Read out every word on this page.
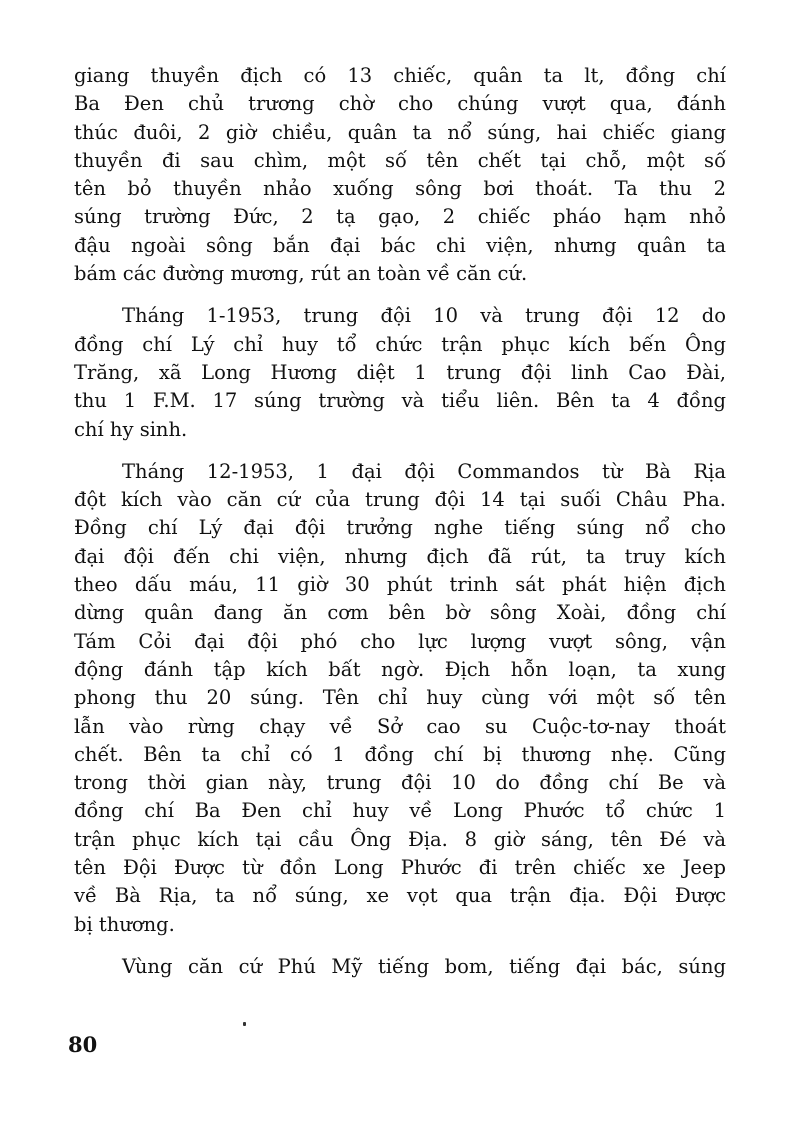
giang thuyền địch có 13 chiếc, quân ta lt, đồng chí
Ba Đen chủ trương chờ cho chúng vượt qua, đánh
thúc đuôi, 2 giờ chiều, quân ta nổ súng, hai chiếc giang
thuyền đi sau chìm, một số tên chết tại chỗ, một số
tên bỏ thuyền nhảo xuống sông bơi thoát. Ta thu 2
súng trường Đức, 2 tạ gạo, 2 chiếc pháo hạm nhỏ
đậu ngoài sông bắn đại bác chi viện, nhưng quân ta
bám các đường mương, rút an toàn về căn cứ.
Tháng 1-1953, trung đội 10 và trung đội 12 do
đồng chí Lý chỉ huy tổ chức trận phục kích bến Ông
Trăng, xã Long Hương diệt 1 trung đội linh Cao Đài,
thu 1 F.M. 17 súng trường và tiểu liên. Bên ta 4 đồng
chí hy sinh.
Tháng 12-1953, 1 đại đội Commandos từ Bà Rịa
đột kích vào căn cứ của trung đội 14 tại suối Châu Pha.
Đồng chí Lý đại đội trưởng nghe tiếng súng nổ cho
đại đội đến chi viện, nhưng địch đã rút, ta truy kích
theo dấu máu, 11 giờ 30 phút trinh sát phát hiện địch
dừng quân đang ăn cơm bên bờ sông Xoài, đồng chí
Tám Cỏi đại đội phó cho lực lượng vượt sông, vận
động đánh tập kích bất ngờ. Địch hỗn loạn, ta xung
phong thu 20 súng. Tên chỉ huy cùng với một số tên
lẫn vào rừng chạy về Sở cao su Cuộc-tơ-nay thoát
chết. Bên ta chỉ có 1 đồng chí bị thương nhẹ. Cũng
trong thời gian này, trung đội 10 do đồng chí Be và
đồng chí Ba Đen chỉ huy về Long Phước tổ chức 1
trận phục kích tại cầu Ông Địa. 8 giờ sáng, tên Đé và
tên Đội Được từ đồn Long Phước đi trên chiếc xe Jeep
về Bà Rịa, ta nổ súng, xe vọt qua trận địa. Đội Được
bị thương.
Vùng căn cứ Phú Mỹ tiếng bom, tiếng đại bác, súng
80
